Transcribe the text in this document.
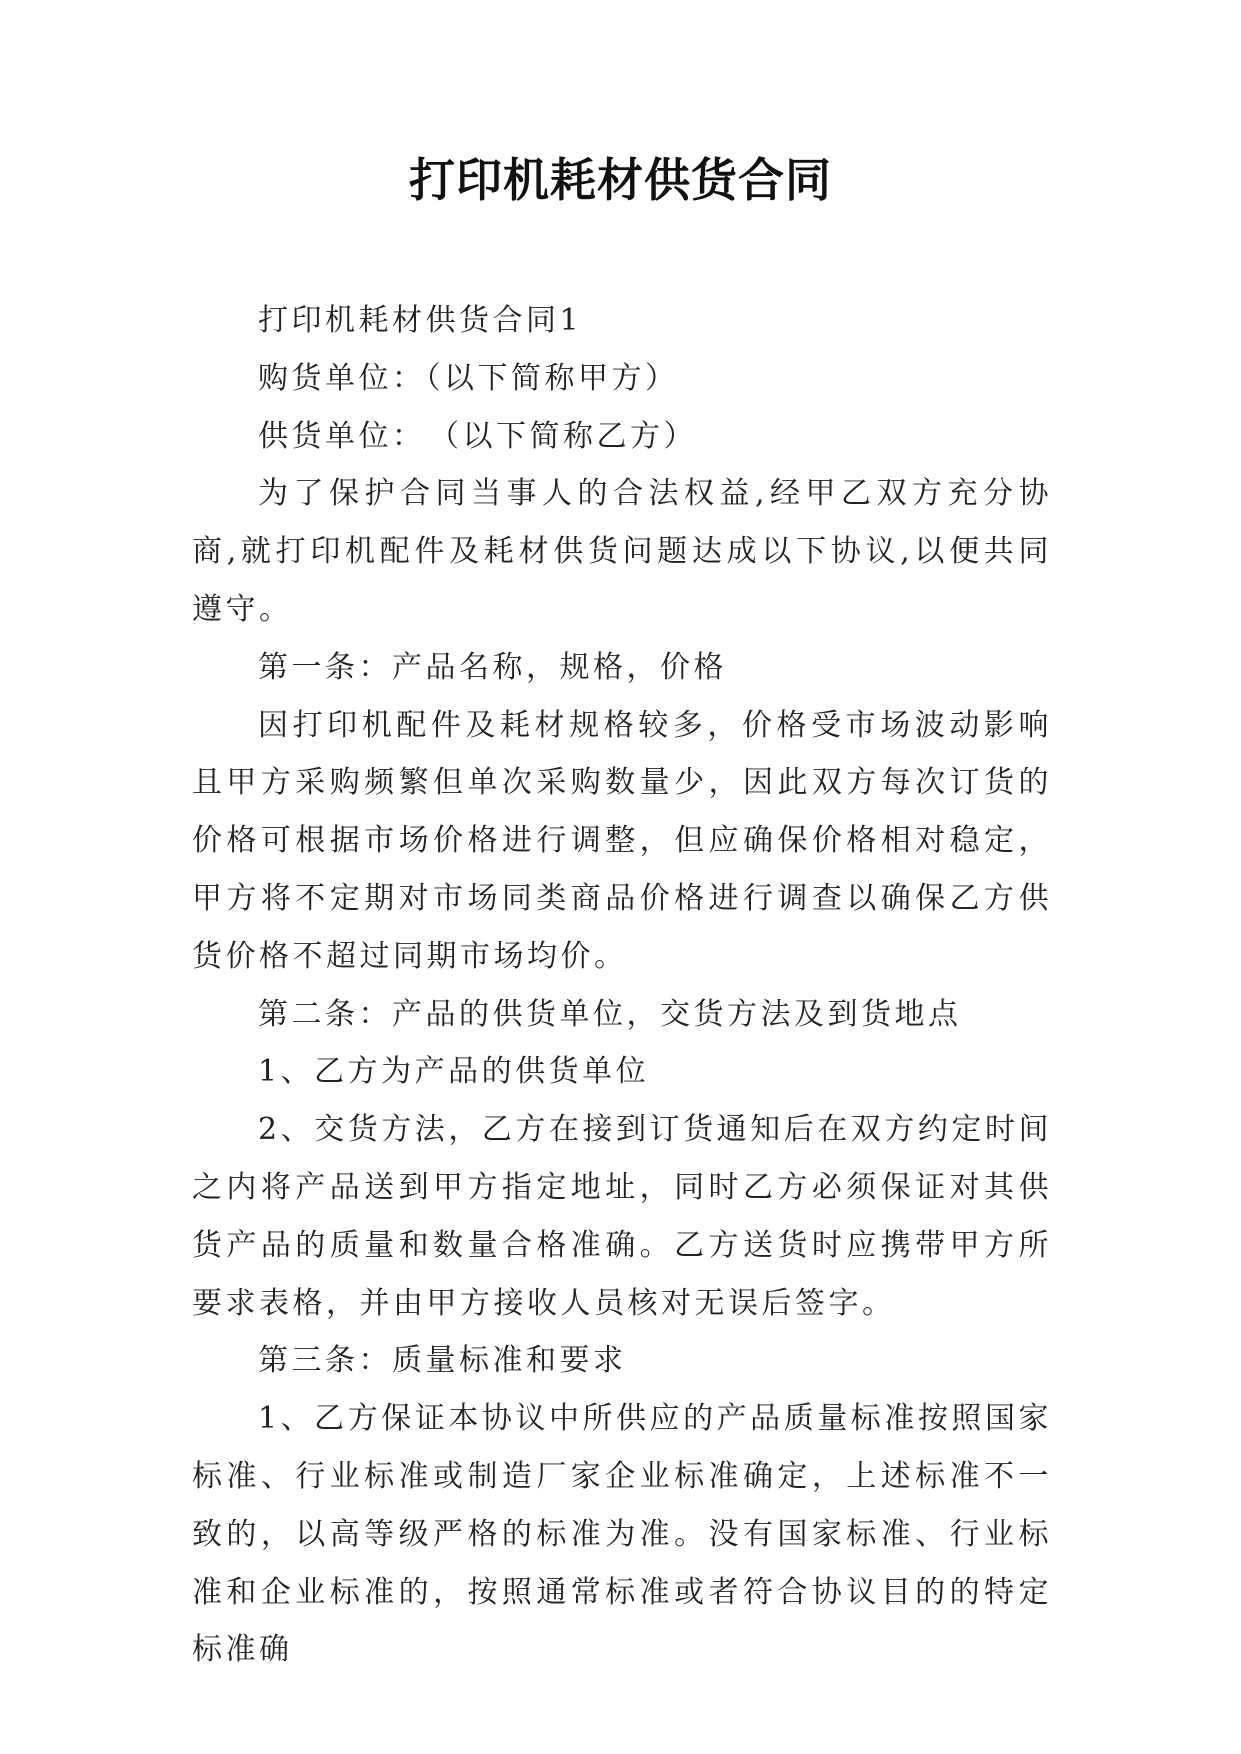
打印机耗材供货合同

打印机耗材供货合同1

购货单位：（以下简称甲方）

供货单位：　（以下简称乙方）

为了保护合同当事人的合法权益,经甲乙双方充分协商,就打印机配件及耗材供货问题达成以下协议,以便共同遵守。

第一条：产品名称，规格，价格

因打印机配件及耗材规格较多，价格受市场波动影响且甲方采购频繁但单次采购数量少，因此双方每次订货的价格可根据市场价格进行调整，但应确保价格相对稳定，甲方将不定期对市场同类商品价格进行调查以确保乙方供货价格不超过同期市场均价。

第二条：产品的供货单位，交货方法及到货地点

1、乙方为产品的供货单位

2、交货方法，乙方在接到订货通知后在双方约定时间之内将产品送到甲方指定地址，同时乙方必须保证对其供货产品的质量和数量合格准确。乙方送货时应携带甲方所要求表格，并由甲方接收人员核对无误后签字。

第三条：质量标准和要求

1、乙方保证本协议中所供应的产品质量标准按照国家标准、行业标准或制造厂家企业标准确定，上述标准不一致的，以高等级严格的标准为准。没有国家标准、行业标准和企业标准的，按照通常标准或者符合协议目的的特定标准确
